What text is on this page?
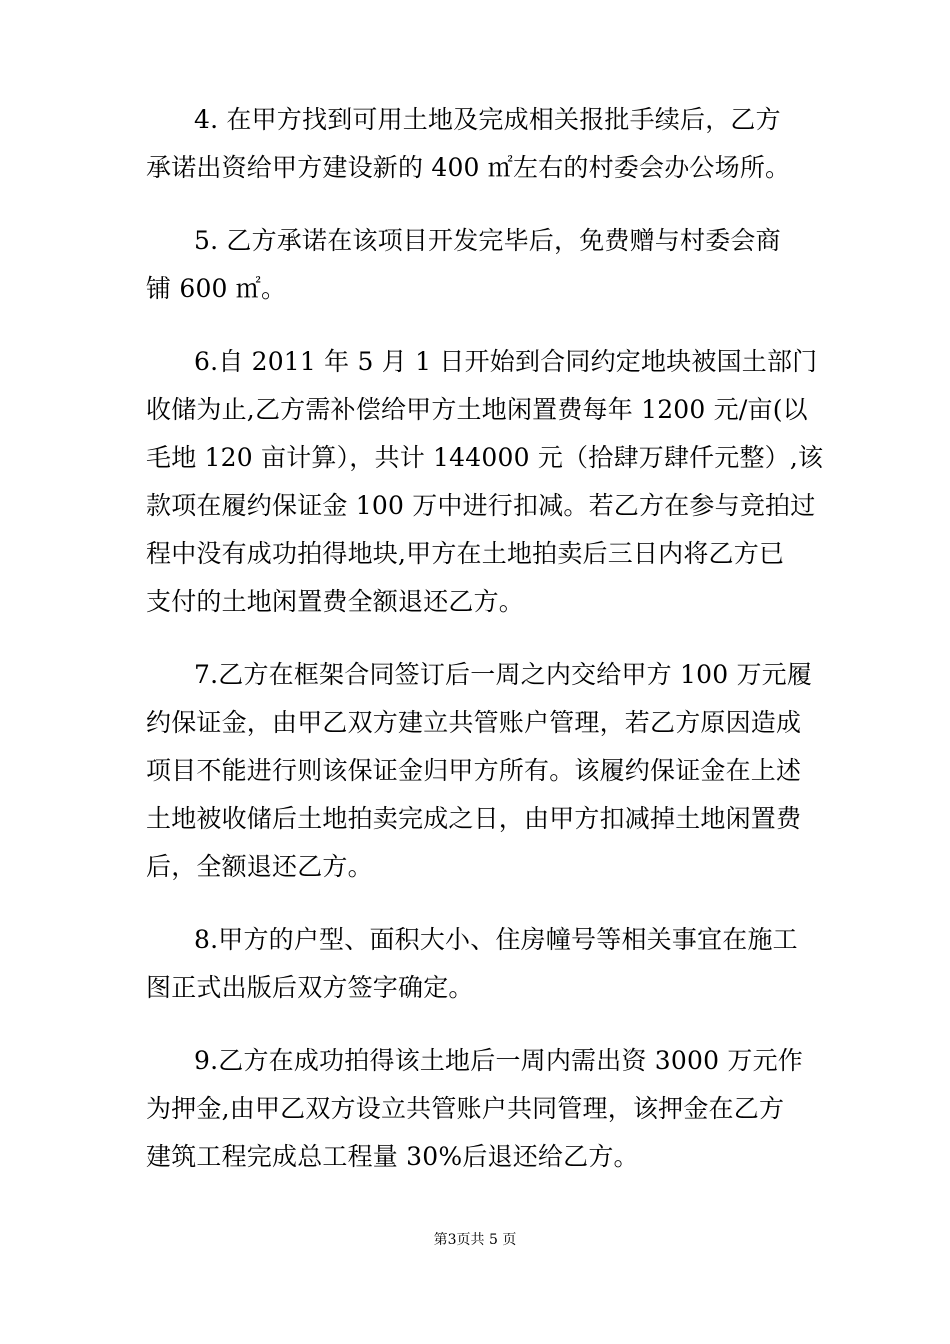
4. 在甲方找到可用土地及完成相关报批手续后，乙方
承诺出资给甲方建设新的 400 ㎡左右的村委会办公场所。

5. 乙方承诺在该项目开发完毕后，免费赠与村委会商
铺 600 ㎡。

6.自 2011 年 5 月 1 日开始到合同约定地块被国土部门
收储为止,乙方需补偿给甲方土地闲置费每年 1200 元/亩(以
毛地 120 亩计算），共计 144000 元（拾肆万肆仟元整）,该
款项在履约保证金 100 万中进行扣减。若乙方在参与竞拍过
程中没有成功拍得地块,甲方在土地拍卖后三日内将乙方已
支付的土地闲置费全额退还乙方。

7.乙方在框架合同签订后一周之内交给甲方 100 万元履
约保证金，由甲乙双方建立共管账户管理，若乙方原因造成
项目不能进行则该保证金归甲方所有。该履约保证金在上述
土地被收储后土地拍卖完成之日，由甲方扣减掉土地闲置费
后，全额退还乙方。

8.甲方的户型、面积大小、住房幢号等相关事宜在施工
图正式出版后双方签字确定。

9.乙方在成功拍得该土地后一周内需出资 3000 万元作
为押金,由甲乙双方设立共管账户共同管理，该押金在乙方
建筑工程完成总工程量 30%后退还给乙方。

第3页共 5 页
